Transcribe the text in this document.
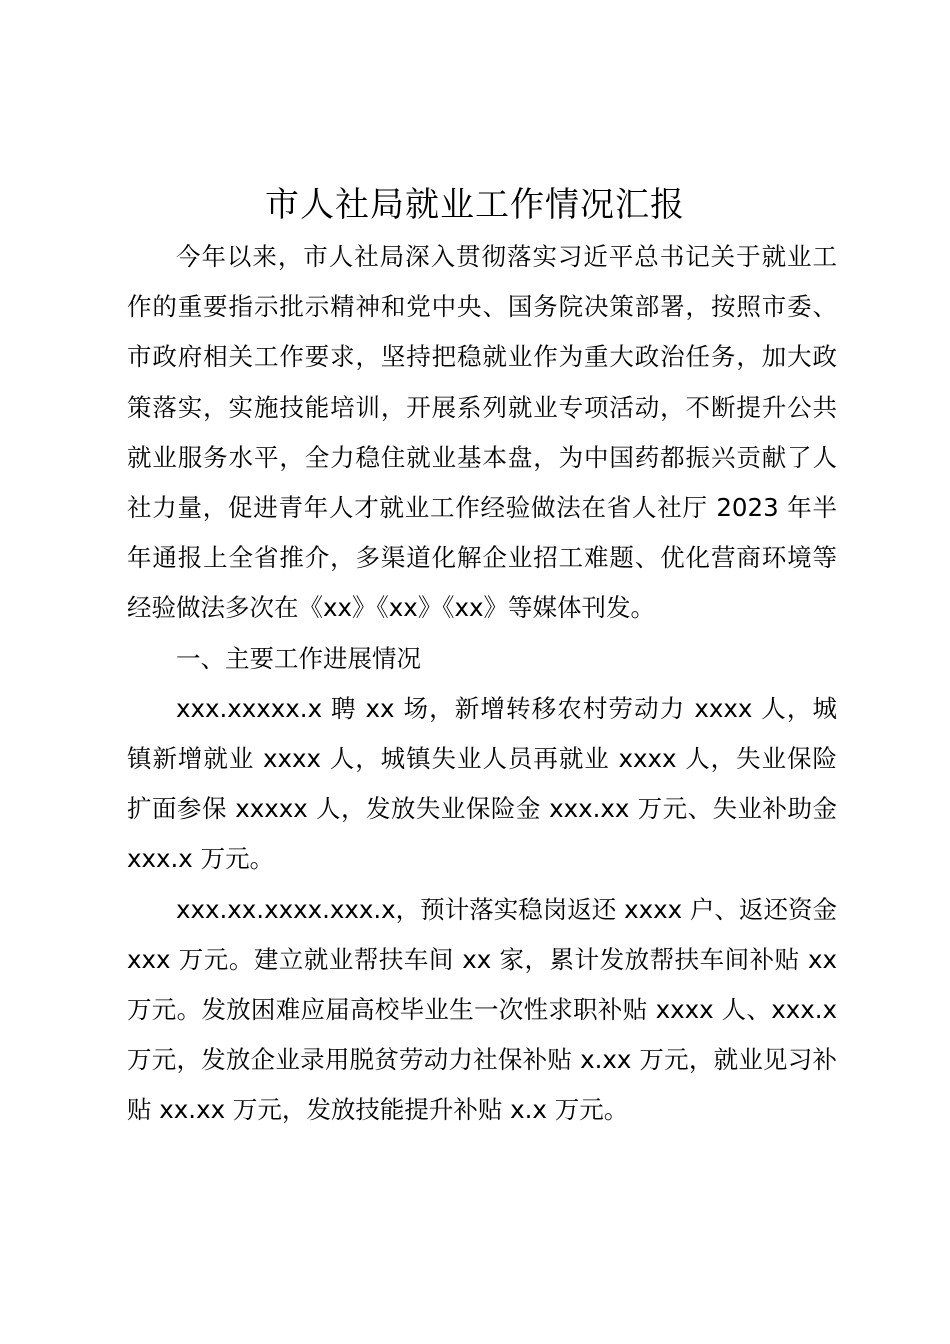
市人社局就业工作情况汇报

今年以来，市人社局深入贯彻落实习近平总书记关于就业工作的重要指示批示精神和党中央、国务院决策部署，按照市委、市政府相关工作要求，坚持把稳就业作为重大政治任务，加大政策落实，实施技能培训，开展系列就业专项活动，不断提升公共就业服务水平，全力稳住就业基本盘，为中国药都振兴贡献了人社力量，促进青年人才就业工作经验做法在省人社厅 2023 年半年通报上全省推介，多渠道化解企业招工难题、优化营商环境等经验做法多次在《xx》《xx》《xx》等媒体刊发。

一、主要工作进展情况

xxx.xxxxx.x 聘 xx 场，新增转移农村劳动力 xxxx 人，城镇新增就业 xxxx 人，城镇失业人员再就业 xxxx 人，失业保险扩面参保 xxxxx 人，发放失业保险金 xxx.xx 万元、失业补助金 xxx.x 万元。

xxx.xx.xxxx.xxx.x，预计落实稳岗返还 xxxx 户、返还资金 xxx 万元。建立就业帮扶车间 xx 家，累计发放帮扶车间补贴 xx 万元。发放困难应届高校毕业生一次性求职补贴 xxxx 人、xxx.x 万元，发放企业录用脱贫劳动力社保补贴 x.xx 万元，就业见习补贴 xx.xx 万元，发放技能提升补贴 x.x 万元。
